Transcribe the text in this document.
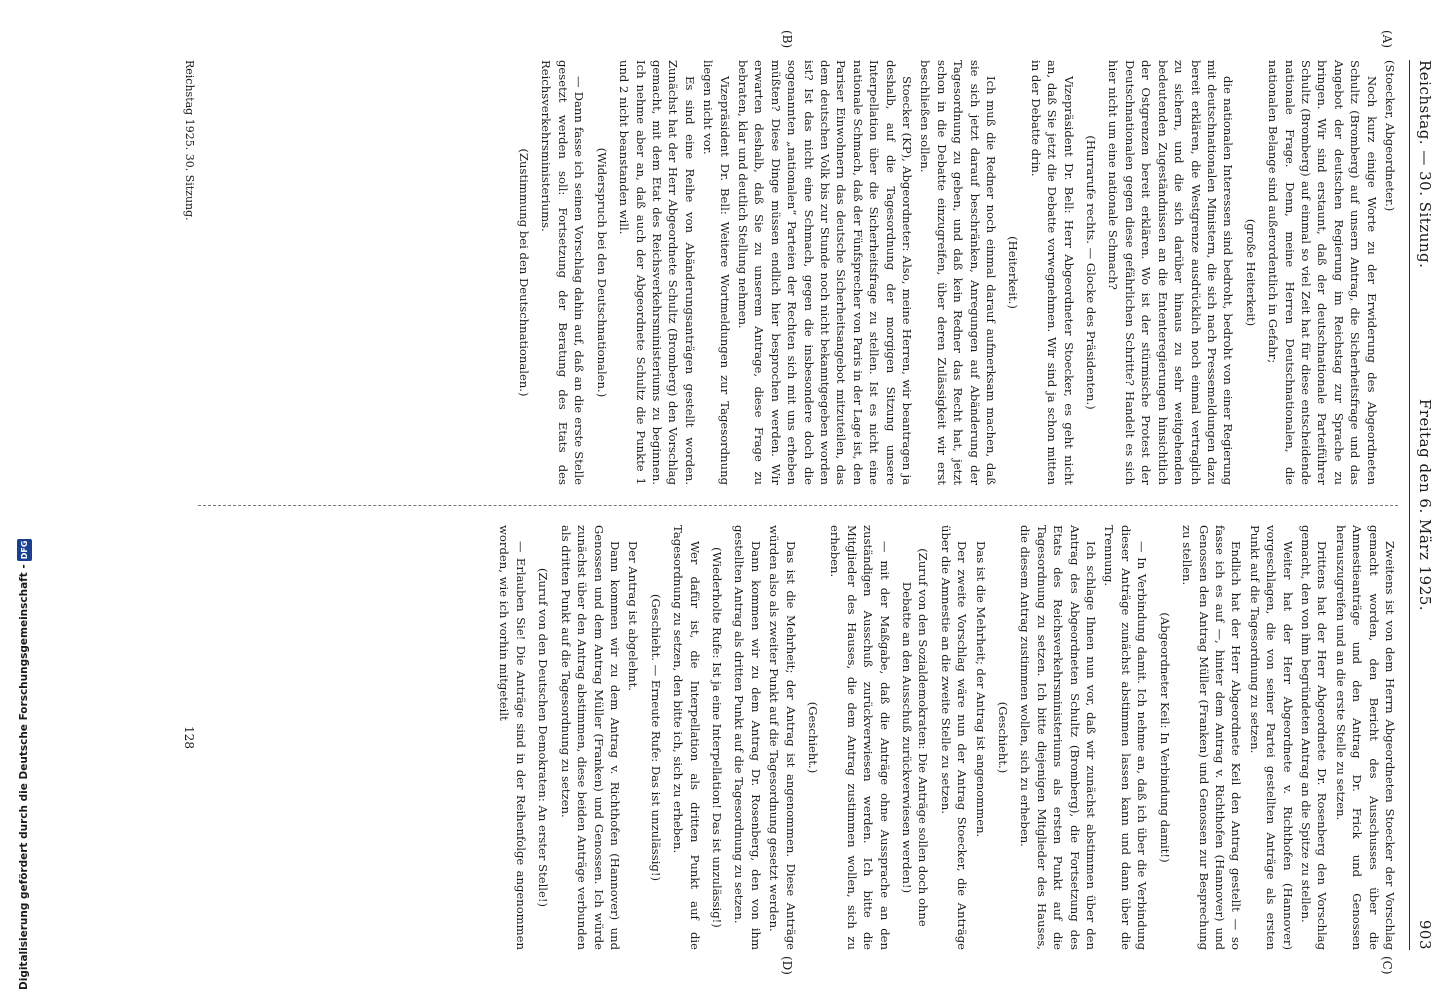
Reichstag. — 30. Sitzung.
Freitag den 6. März 1925.
903
(A)
(B)
(C)
(D)

(Stoecker, Abgeordneter.)

Noch kurz einige Worte zu der Erwiderung des Abgeordneten Schultz (Bromberg) auf unsern Antrag, die Sicherheitsfrage und das Angebot der deutschen Regierung im Reichstag zur Sprache zu bringen. Wir sind erstaunt, daß der deutschnationale Parteiführer Schultz (Bromberg) auf einmal so viel Zeit hat für diese entscheidende nationale Frage. Denn, meine Herren Deutschnationalen, die nationalen Belange sind außerordentlich in Gefahr;

(große Heiterkeit)

die nationalen Interessen sind bedroht, bedroht von einer Regierung mit deutschnationalen Ministern, die sich nach Pressemeldungen dazu bereit erklären, die Westgrenze ausdrücklich noch einmal vertraglich zu sichern, und die sich darüber hinaus zu sehr weitgehenden bedeutenden Zugeständnissen an die Ententeregierungen hinsichtlich der Ostgrenzen bereit erklären. Wo ist der stürmische Protest der Deutschnationalen gegen diese gefährlichen Schritte? Handelt es sich hier nicht um eine nationale Schmach?

(Hurrarufe rechts. — Glocke des Präsidenten.)

Vizepräsident Dr. Bell: Herr Abgeordneter Stoecker, es geht nicht an, daß Sie jetzt die Debatte vorwegnehmen. Wir sind ja schon mitten in der Debatte drin.

(Heiterkeit.)

Ich muß die Redner noch einmal darauf aufmerksam machen, daß sie sich jetzt darauf beschränken, Anregungen auf Abänderung der Tagesordnung zu geben, und daß kein Redner das Recht hat, jetzt schon in die Debatte einzugreifen, über deren Zulässigkeit wir erst beschließen sollen.

Stoecker (KP), Abgeordneter: Also, meine Herren, wir beantragen ja deshalb, auf die Tagesordnung der morgigen Sitzung unsere Interpellation über die Sicherheitsfrage zu stellen. Ist es nicht eine nationale Schmach, daß der Fünfsprecher von Paris in der Lage ist, den Pariser Einwohnern das deutsche Sicherheitsangebot mitzuteilen, das dem deutschen Volk bis zur Stunde noch nicht bekanntgegeben worden ist? Ist das nicht eine Schmach, gegen die insbesondere doch die sogenannten „nationalen“ Parteien der Rechten sich mit uns erheben müßten? Diese Dinge müssen endlich hier besprochen werden. Wir erwarten deshalb, daß Sie zu unserem Antrage, diese Frage zu bebraten, klar und deutlich Stellung nehmen.

Vizepräsident Dr. Bell: Weitere Wortmeldungen zur Tagesordnung liegen nicht vor.

Es sind eine Reihe von Abänderungsanträgen gestellt worden. Zunächst hat der Herr Abgeordnete Schultz (Bromberg) den Vorschlag gemacht, mit dem Etat des Reichsverkehrsministeriums zu beginnen. Ich nehme aber an, daß auch der Abgeordnete Schultz die Punkte 1 und 2 nicht beanstanden will.

(Widerspruch bei den Deutschnationalen.)

— Dann fasse ich seinen Vorschlag dahin auf, daß an die erste Stelle gesetzt werden soll: Fortsetzung der Beratung des Etats des Reichsverkehrsministeriums.

(Zustimmung bei den Deutschnationalen.)

Zweitens ist von dem Herrn Abgeordneten Stoecker der Vorschlag gemacht worden, den Bericht des Ausschusses über die Amnestieanträge und den Antrag Dr. Frick und Genossen herauszugreifen und an die erste Stelle zu setzen.

Drittens hat der Herr Abgeordnete Dr. Rosenberg den Vorschlag gemacht, den von ihm begründeten Antrag an die Spitze zu stellen.

Weiter hat der Herr Abgeordnete v. Richthofen (Hannover) vorgeschlagen, die von seiner Partei gestellten Anträge als ersten Punkt auf die Tagesordnung zu setzen.

Endlich hat der Herr Abgeordnete Keil den Antrag gestellt — so fasse ich es auf —, hinter dem Antrag v. Richthofen (Hannover) und Genossen den Antrag Müller (Franken) und Genossen zur Besprechung zu stellen.

(Abgeordneter Keil: In Verbindung damit!)

— In Verbindung damit. Ich nehme an, daß ich über die Verbindung dieser Anträge zunächst abstimmen lassen kann und dann über die Trennung.

Ich schlage Ihnen nun vor, daß wir zunächst abstimmen über den Antrag des Abgeordneten Schultz (Bromberg), die Fortsetzung des Etats des Reichsverkehrsministeriums als ersten Punkt auf die Tagesordnung zu setzen. Ich bitte diejenigen Mitglieder des Hauses, die diesem Antrag zustimmen wollen, sich zu erheben.

(Geschieht.)

Das ist die Mehrheit; der Antrag ist angenommen.

Der zweite Vorschlag wäre nun der Antrag Stoecker, die Anträge über die Amnestie an die zweite Stelle zu setzen.

(Zuruf von den Sozialdemokraten: Die Anträge sollen doch ohne Debatte an den Ausschuß zurückverwiesen werden!)

— mit der Maßgabe, daß die Anträge ohne Aussprache an den zuständigen Ausschuß zurückverwiesen werden. Ich bitte die Mitglieder des Hauses, die dem Antrag zustimmen wollen, sich zu erheben.

(Geschieht.)

Das ist die Mehrheit; der Antrag ist angenommen. Diese Anträge würden also als zweiter Punkt auf die Tagesordnung gesetzt werden.

Dann kommen wir zu dem Antrag Dr. Rosenberg, den von ihm gestellten Antrag als dritten Punkt auf die Tagesordnung zu setzen.

(Wiederholte Rufe: Ist ja eine Interpellation! Das ist unzulässig!)

Wer dafür ist, die Interpellation als dritten Punkt auf die Tagesordnung zu setzen, den bitte ich, sich zu erheben.

(Geschieht. — Erneute Rufe: Das ist unzulässig!)

Der Antrag ist abgelehnt.

Dann kommen wir zu dem Antrag v. Richthofen (Hannover) und Genossen und dem Antrag Müller (Franken) und Genossen. Ich würde zunächst über den Antrag abstimmen, diese beiden Anträge verbunden als dritten Punkt auf die Tagesordnung zu setzen.

(Zuruf von den Deutschen Demokraten: An erster Stelle!)

— Erlauben Sie! Die Anträge sind in der Reihenfolge angenommen worden, wie ich vorhin mitgeteilt

Reichstag 1925. 30. Sitzung.
128
Digitalisierung gefördert durch die Deutsche Forschungsgemeinschaft -DFG
